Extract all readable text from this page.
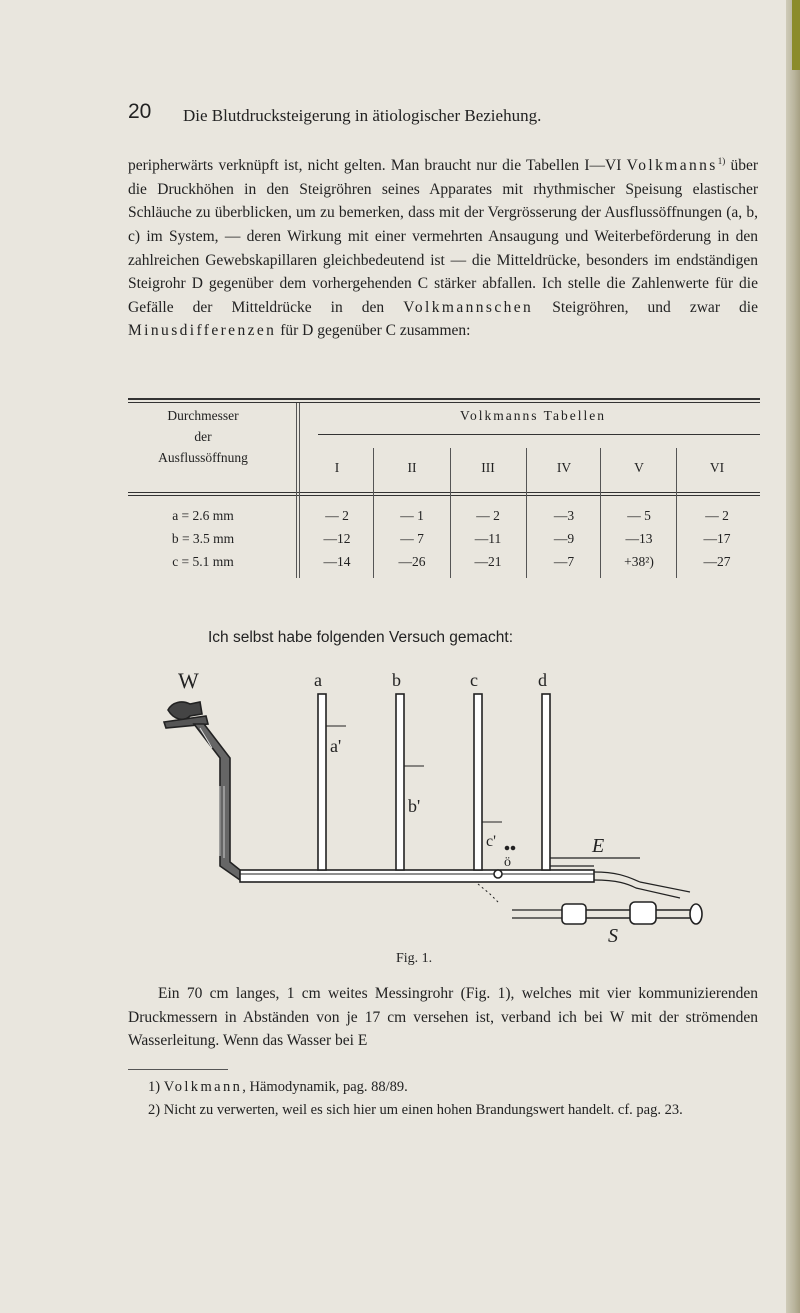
20 Die Blutdrucksteigerung in ätiologischer Beziehung.
peripherwärts verknüpft ist, nicht gelten. Man braucht nur die Tabellen I—VI Volkmanns$^{1)}$ über die Druckhöhen in den Steigröhren seines Apparates mit rhythmischer Speisung elastischer Schläuche zu überblicken, um zu bemerken, dass mit der Vergrösserung der Ausflussöffnungen (a, b, c) im System, — deren Wirkung mit einer vermehrten Ansaugung und Weiterbeförderung in den zahlreichen Gewebskapillaren gleichbedeutend ist — die Mitteldrücke, besonders im endständigen Steigrohr D gegenüber dem vorhergehenden C stärker abfallen. Ich stelle die Zahlenwerte für die Gefälle der Mitteldrücke in den Volkmannschen Steigröhren, und zwar die Minusdifferenzen für D gegenüber C zusammen:
Durchmesser
der
Ausflussöffnung
Volkmanns Tabellen
I	II	III	IV	V	VI
a = 2.6 mm	— 2	— 1	— 2	—3	— 5	— 2
b = 3.5 mm	—12	— 7	—11	—9	—13	—17
c = 5.1 mm	—14	—26	—21	—7	+38²)	—27
Ich selbst habe folgenden Versuch gemacht:
W	a	b	c	d
a'
b'
c'
ö
E
S
Fig. 1.
Ein 70 cm langes, 1 cm weites Messingrohr (Fig. 1), welches mit vier kommunizierenden Druckmessern in Abständen von je 17 cm versehen ist, verband ich bei W mit der strömenden Wasserleitung. Wenn das Wasser bei E
1) Volkmann, Hämodynamik, pag. 88/89.
2) Nicht zu verwerten, weil es sich hier um einen hohen Brandungswert handelt. cf. pag. 23.
